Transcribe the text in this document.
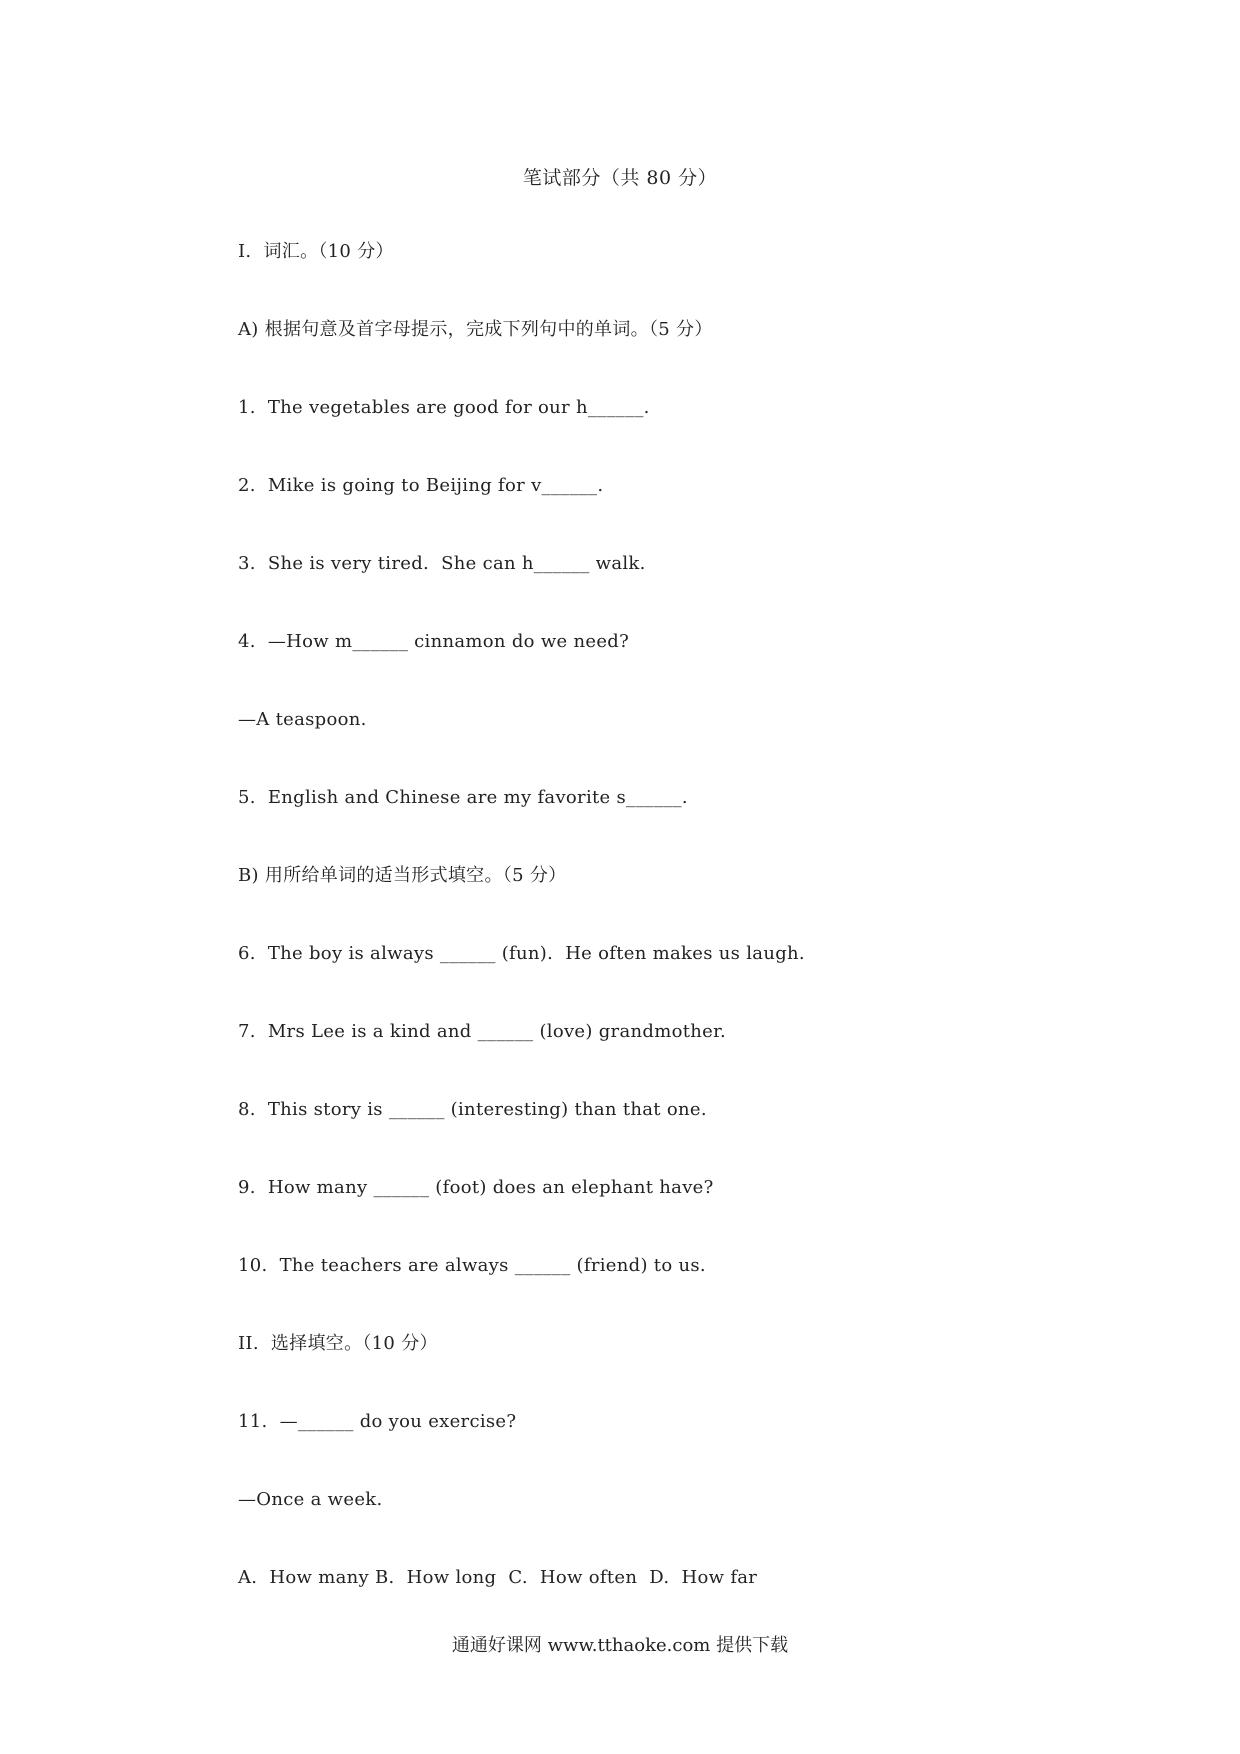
笔试部分（共 80 分）
I.  词汇。（10 分）
A) 根据句意及首字母提示，完成下列句中的单词。（5 分）
1.  The vegetables are good for our h______.
2.  Mike is going to Beijing for v______.
3.  She is very tired.  She can h______ walk.
4.  —How m______ cinnamon do we need?
—A teaspoon.
5.  English and Chinese are my favorite s______.
B) 用所给单词的适当形式填空。（5 分）
6.  The boy is always ______ (fun).  He often makes us laugh.
7.  Mrs Lee is a kind and ______ (love) grandmother.
8.  This story is ______ (interesting) than that one.
9.  How many ______ (foot) does an elephant have?
10.  The teachers are always ______ (friend) to us.
II.  选择填空。（10 分）
11.  —______ do you exercise?
—Once a week.
A.  How many B.  How long  C.  How often  D.  How far
通通好课网 www.tthaoke.com 提供下载
